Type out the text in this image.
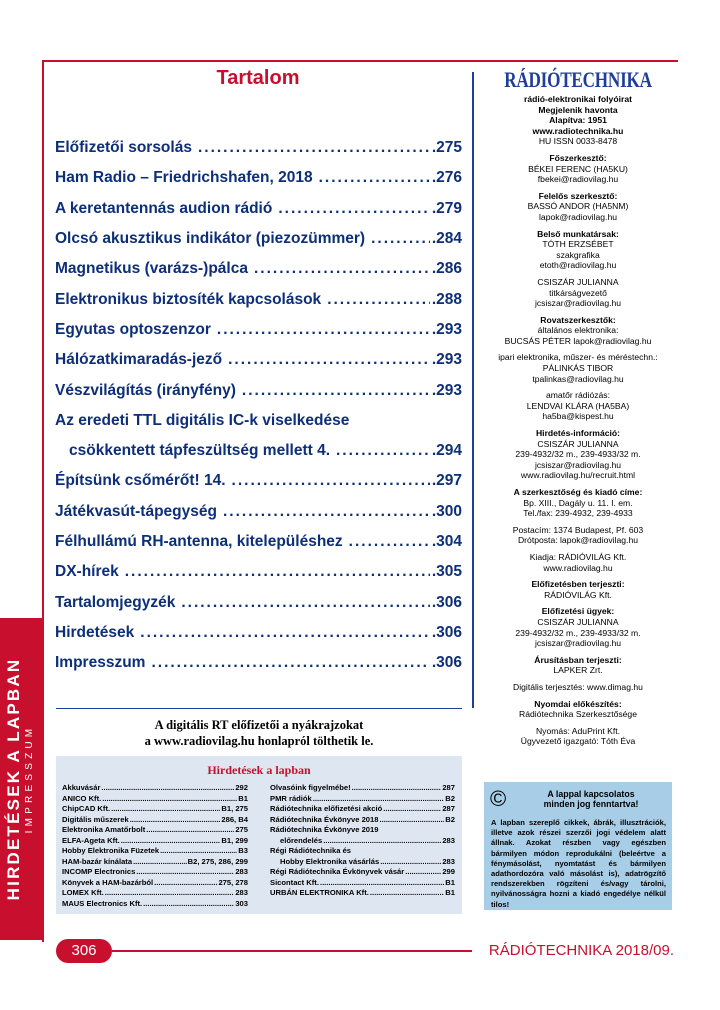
HIRDETÉSEK A LAPBAN IMPRESSZUM
Tartalom
Előfizetői sorsolás .....	.275
Ham Radio – Friedrichshafen, 2018 .....	.276
A keretantennás audion rádió .....	.279
Olcsó akusztikus indikátor (piezozümmer) .....	.284
Magnetikus (varázs-)pálca .....	.286
Elektronikus biztosíték kapcsolások .....	.288
Egyutas optoszenzor .....	.293
Hálózatkimaradás-jező .....	.293
Vészvilágítás (irányfény) .....	.293
Az eredeti TTL digitális IC-k viselkedése
csökkentett tápfeszültség mellett 4. .....	.294
Építsünk csőmérőt! 14. .....	.297
Játékvasút-tápegység .....	.300
Félhullámú RH-antenna, kitelepüléshez .....	.304
DX-hírek .....	.305
Tartalomjegyzék .....	.306
Hirdetések .....	.306
Impresszum .....	.306
RÁDIÓTECHNIKA

rádió-elektronikai folyóirat

Megjelenik havonta

Alapítva: 1951

www.radiotechnika.hu

HU ISSN 0033-8478

Főszerkesztő:

BÉKEI FERENC (HA5KU)

fbekei@radiovilag.hu

Felelős szerkesztő:

BASSÓ ANDOR (HA5NM)

lapok@radiovilag.hu

Belső munkatársak:

TÓTH ERZSÉBET

szakgrafika

etoth@radiovilag.hu

CSISZÁR JULIANNA

titkárságvezető

jcsiszar@radiovilag.hu

Rovatszerkesztők:

általános elektronika:

BUCSÁS PÉTER lapok@radiovilag.hu

ipari elektronika, műszer- és méréstechn.:

PÁLINKÁS TIBOR

tpalinkas@radiovilag.hu

amatőr rádiózás:

LENDVAI KLÁRA (HA5BA)

ha5ba@kispest.hu

Hirdetés-információ:

CSISZÁR JULIANNA

239-4932/32 m., 239-4933/32 m.

jcsiszar@radiovilag.hu

www.radiovilag.hu/recruit.html

A szerkesztőség és kiadó címe:

Bp. XIII., Dagály u. 11. I. em.

Tel./fax: 239-4932, 239-4933

Postacím: 1374 Budapest, Pf. 603

Drótposta: lapok@radiovilag.hu

Kiadja: RÁDIÓVILÁG Kft.

www.radiovilag.hu

Előfizetésben terjeszti:

RÁDIÓVILÁG Kft.

Előfizetési ügyek:

CSISZÁR JULIANNA

239-4932/32 m., 239-4933/32 m.

jcsiszar@radiovilag.hu

Árusításban terjeszti:

LAPKER Zrt.

Digitális terjesztés: www.dimag.hu

Nyomdai előkészítés:

Rádiótechnika Szerkesztősége

Nyomás: AduPrint Kft.

Ügyvezető igazgató: Tóth Éva

A digitális RT előfizetői a nyákrajzokat
a www.radiovilag.hu honlapról tölthetik le.
Hirdetések a lapban
Akkuvásár .....	292
ANICO Kft. .....	B1
ChipCAD Kft. .....	B1, 275
Digitális műszerek .....	286, B4
Elektronika Amatőrbolt .....	275
ELFA-Ageta Kft. .....	B1, 299
Hobby Elektronika Füzetek .....	B3
HAM-bazár kínálata .....	B2, 275, 286, 299
INCOMP Electronics .....	283
Könyvek a HAM-bazárból .....	275, 278
LOMEX Kft. .....	283
MAUS Electronics Kft. .....	303
Olvasóink figyelmébe! .....	287
PMR rádiók .....	B2
Rádiótechnika előfizetési akció .....	287
Rádiótechnika Évkönyve 2018 .....	B2
Rádiótechnika Évkönyve 2019
előrendelés .....	283
Régi Rádiótechnika és
Hobby Elektronika vásárlás .....	283
Régi Rádiótechnika Évkönyvek vásár .....	299
Sicontact Kft. .....	B1
URBÁN ELEKTRONIKA Kft. .....	B1
©	A lappal kapcsolatos
minden jog fenntartva!
A lapban szereplő cikkek, ábrák, illusztrációk, illetve azok részei szerzői jogi védelem alatt állnak. Azokat részben vagy egészben bármilyen módon reprodukálni (beleértve a fénymásolást, nyomtatást és bármilyen adathordozóra való másolást is), adatrögzítő rendszerekben rögzíteni és/vagy tárolni, nyilvánosságra hozni a kiadó engedélye nélkül tilos!
306	RÁDIÓTECHNIKA 2018/09.
